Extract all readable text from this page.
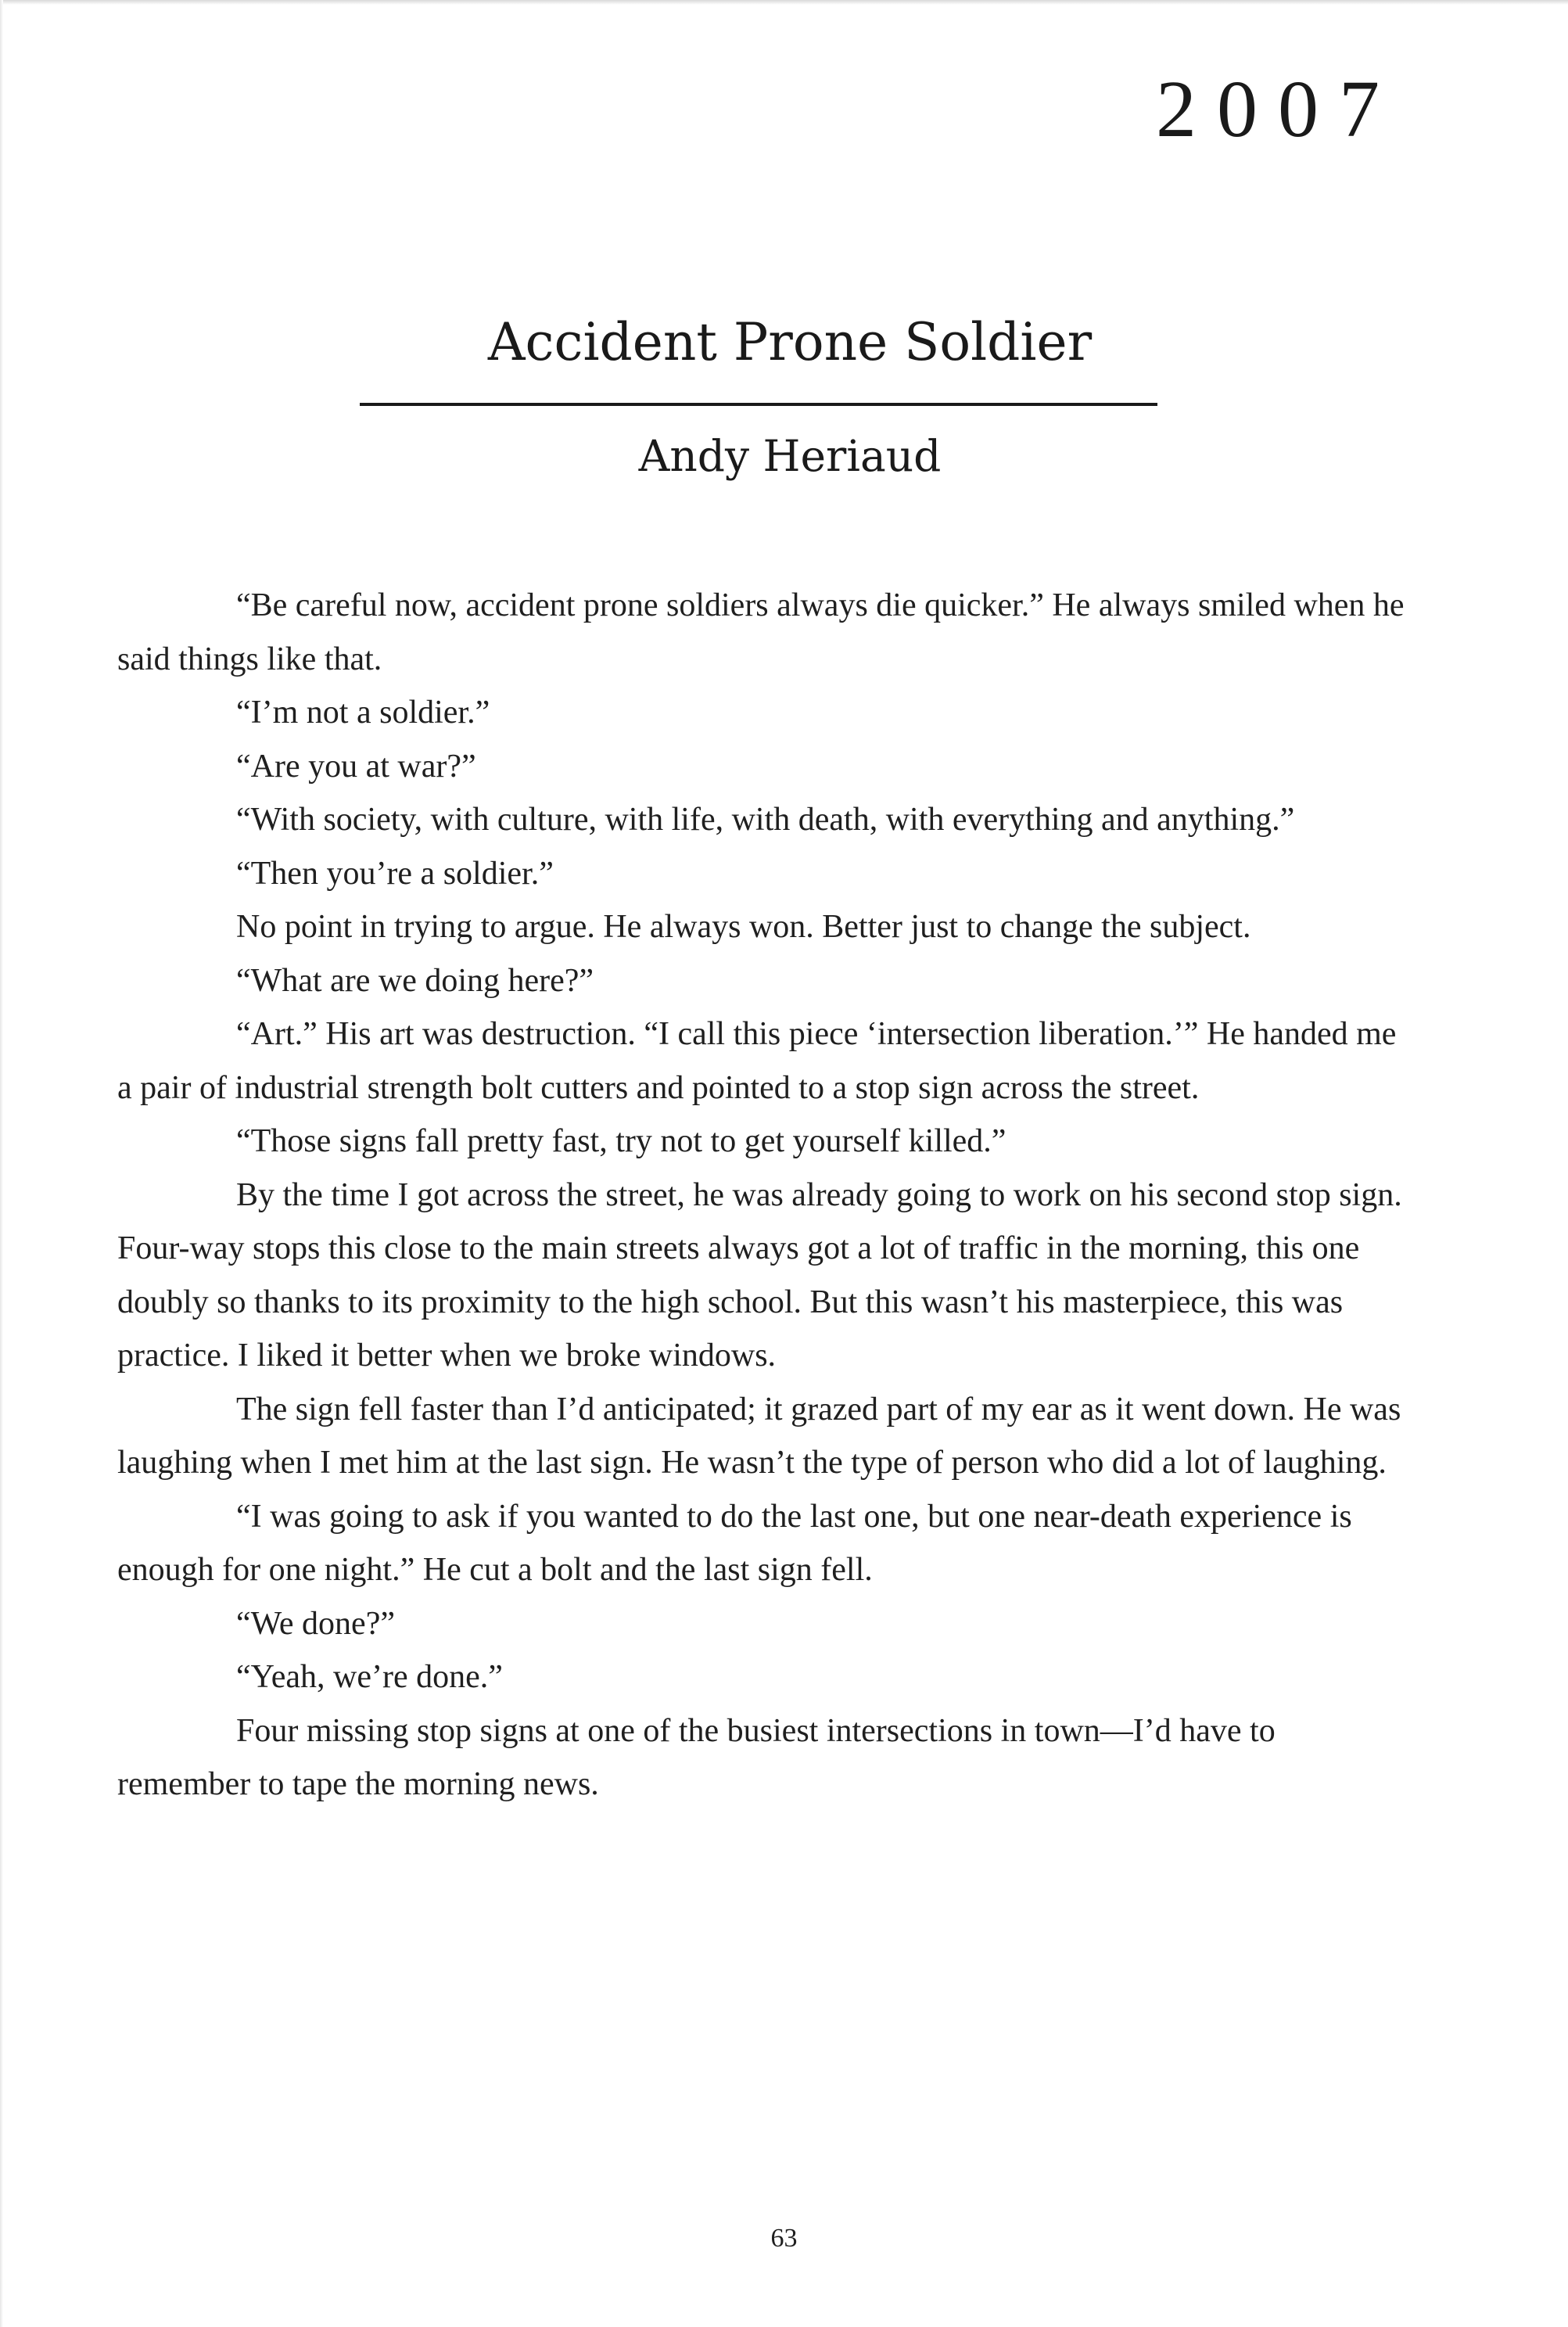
2007
Accident Prone Soldier
Andy Heriaud

“Be careful now, accident prone soldiers always die quicker.” He always smiled when he said things like that.

“I’m not a soldier.”

“Are you at war?”

“With society, with culture, with life, with death, with everything and anything.”

“Then you’re a soldier.”

No point in trying to argue. He always won. Better just to change the subject.

“What are we doing here?”

“Art.” His art was destruction. “I call this piece ‘intersection liberation.’” He handed me a pair of industrial strength bolt cutters and pointed to a stop sign across the street.

“Those signs fall pretty fast, try not to get yourself killed.”

By the time I got across the street, he was already going to work on his second stop sign. Four-way stops this close to the main streets always got a lot of traffic in the morning, this one doubly so thanks to its proximity to the high school. But this wasn’t his masterpiece, this was practice. I liked it better when we broke windows.

The sign fell faster than I’d anticipated; it grazed part of my ear as it went down. He was laughing when I met him at the last sign. He wasn’t the type of person who did a lot of laughing.

“I was going to ask if you wanted to do the last one, but one near-death experience is enough for one night.” He cut a bolt and the last sign fell.

“We done?”

“Yeah, we’re done.”

Four missing stop signs at one of the busiest intersections in town—I’d have to remember to tape the morning news.

63
